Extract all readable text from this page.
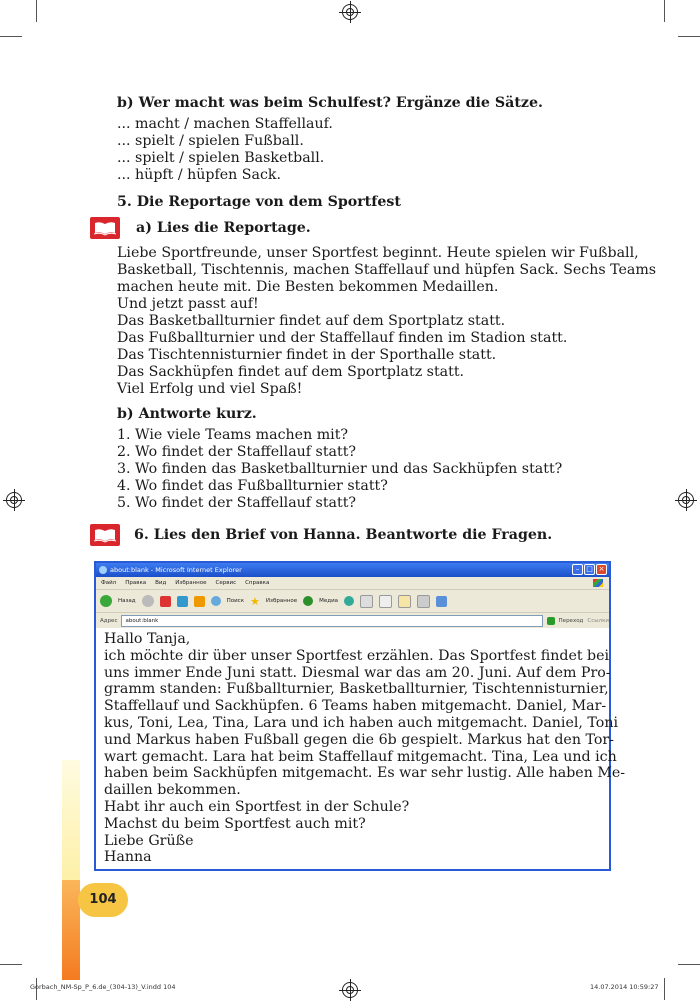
b) Wer macht was beim Schulfest? Ergänze die Sätze.
... macht / machen Staffellauf.
... spielt / spielen Fußball.
... spielt / spielen Basketball.
... hüpft / hüpfen Sack.
5. Die Reportage von dem Sportfest
a) Lies die Reportage.
Liebe Sportfreunde, unser Sportfest beginnt. Heute spielen wir Fußball,
Basketball, Tischtennis, machen Staffellauf und hüpfen Sack. Sechs Teams
machen heute mit. Die Besten bekommen Medaillen.
Und jetzt passt auf!
Das Basketballturnier findet auf dem Sportplatz statt.
Das Fußballturnier und der Staffellauf finden im Stadion statt.
Das Tischtennisturnier findet in der Sporthalle statt.
Das Sackhüpfen findet auf dem Sportplatz statt.
Viel Erfolg und viel Spaß!
b) Antworte kurz.
1. Wie viele Teams machen mit?
2. Wo findet der Staffellauf statt?
3. Wo finden das Basketballturnier und das Sackhüpfen statt?
4. Wo findet das Fußballturnier statt?
5. Wo findet der Staffellauf statt?
6. Lies den Brief von Hanna. Beantworte die Fragen.
about:blank - Microsoft Internet Explorer	– □ ×
Файл Правка Вид Избранное Сервис Справка
Назад	Поиск ★ Избранное	Медиа
Адрес	about:blank	Переход Ссылки
Hallo Tanja,
ich möchte dir über unser Sportfest erzählen. Das Sportfest findet bei
uns immer Ende Juni statt. Diesmal war das am 20. Juni. Auf dem Pro-
gramm standen: Fußballturnier, Basketballturnier, Tischtennisturnier,
Staffellauf und Sackhüpfen. 6 Teams haben mitgemacht. Daniel, Mar-
kus, Toni, Lea, Tina, Lara und ich haben auch mitgemacht. Daniel, Toni
und Markus haben Fußball gegen die 6b gespielt. Markus hat den Tor-
wart gemacht. Lara hat beim Staffellauf mitgemacht. Tina, Lea und ich
haben beim Sackhüpfen mitgemacht. Es war sehr lustig. Alle haben Me-
daillen bekommen.
Habt ihr auch ein Sportfest in der Schule?
Machst du beim Sportfest auch mit?
Liebe Grüße
Hanna
104
Gorbach_NM-Sp_P_6.de_(304-13)_V.indd 104	14.07.2014 10:59:27
